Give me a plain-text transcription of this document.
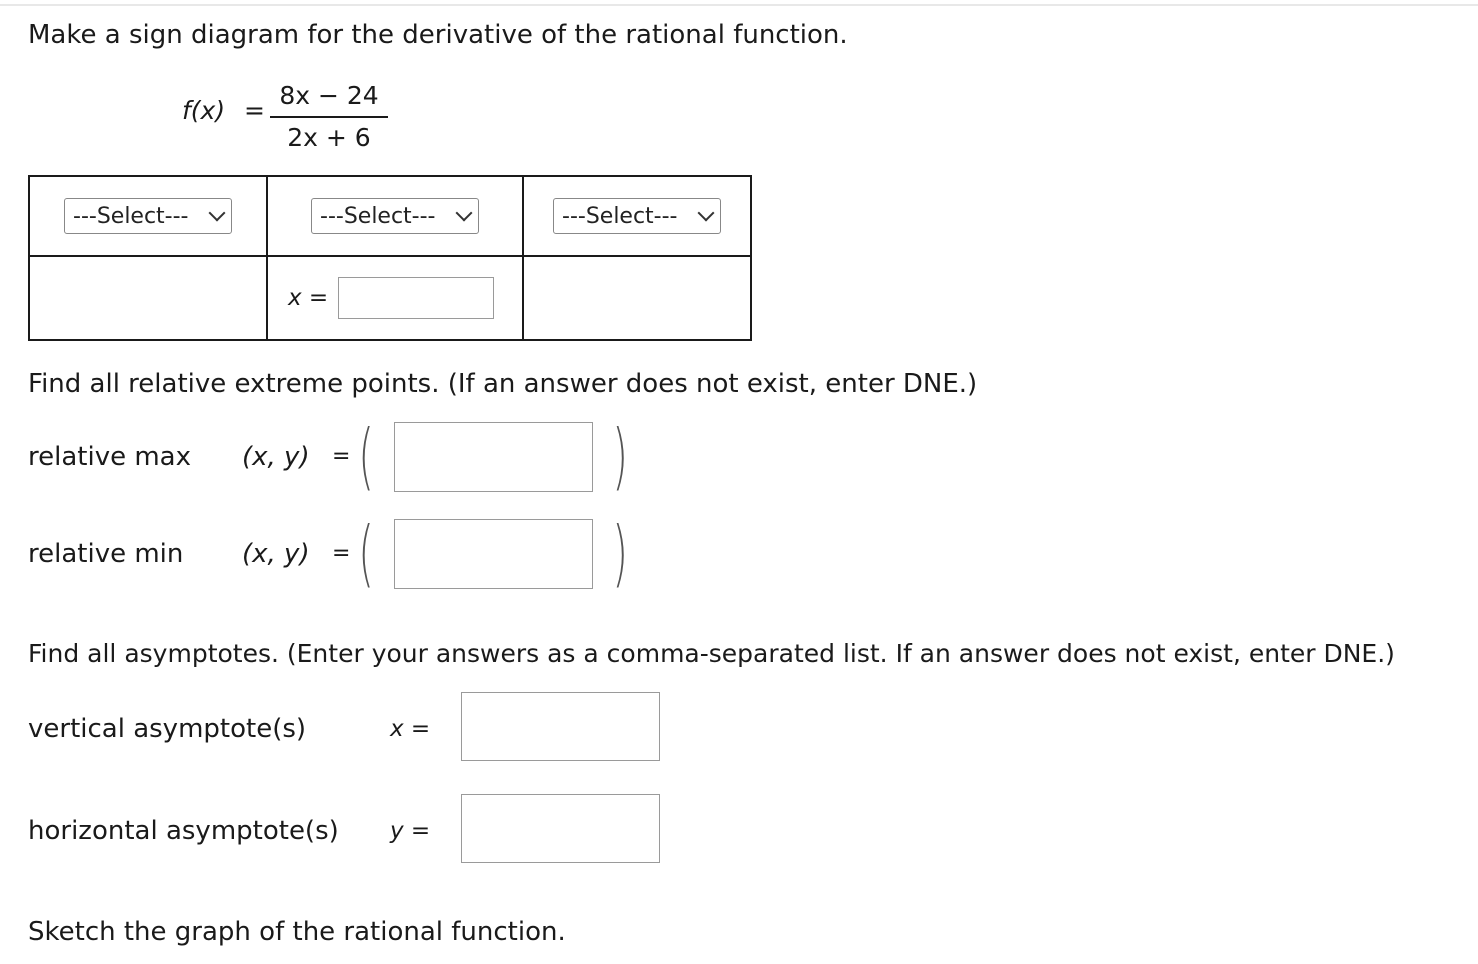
Make a sign diagram for the derivative of the rational function.
f(x) =
8x − 24
2x + 6
---Select---	---Select---	---Select---

	x =	

Find all relative extreme points. (If an answer does not exist, enter DNE.)
relative max (x, y) = (	)
relative min (x, y) = (	)
Find all asymptotes. (Enter your answers as a comma-separated list. If an answer does not exist, enter DNE.)
vertical asymptote(s)	x =
horizontal asymptote(s) y =
Sketch the graph of the rational function.
